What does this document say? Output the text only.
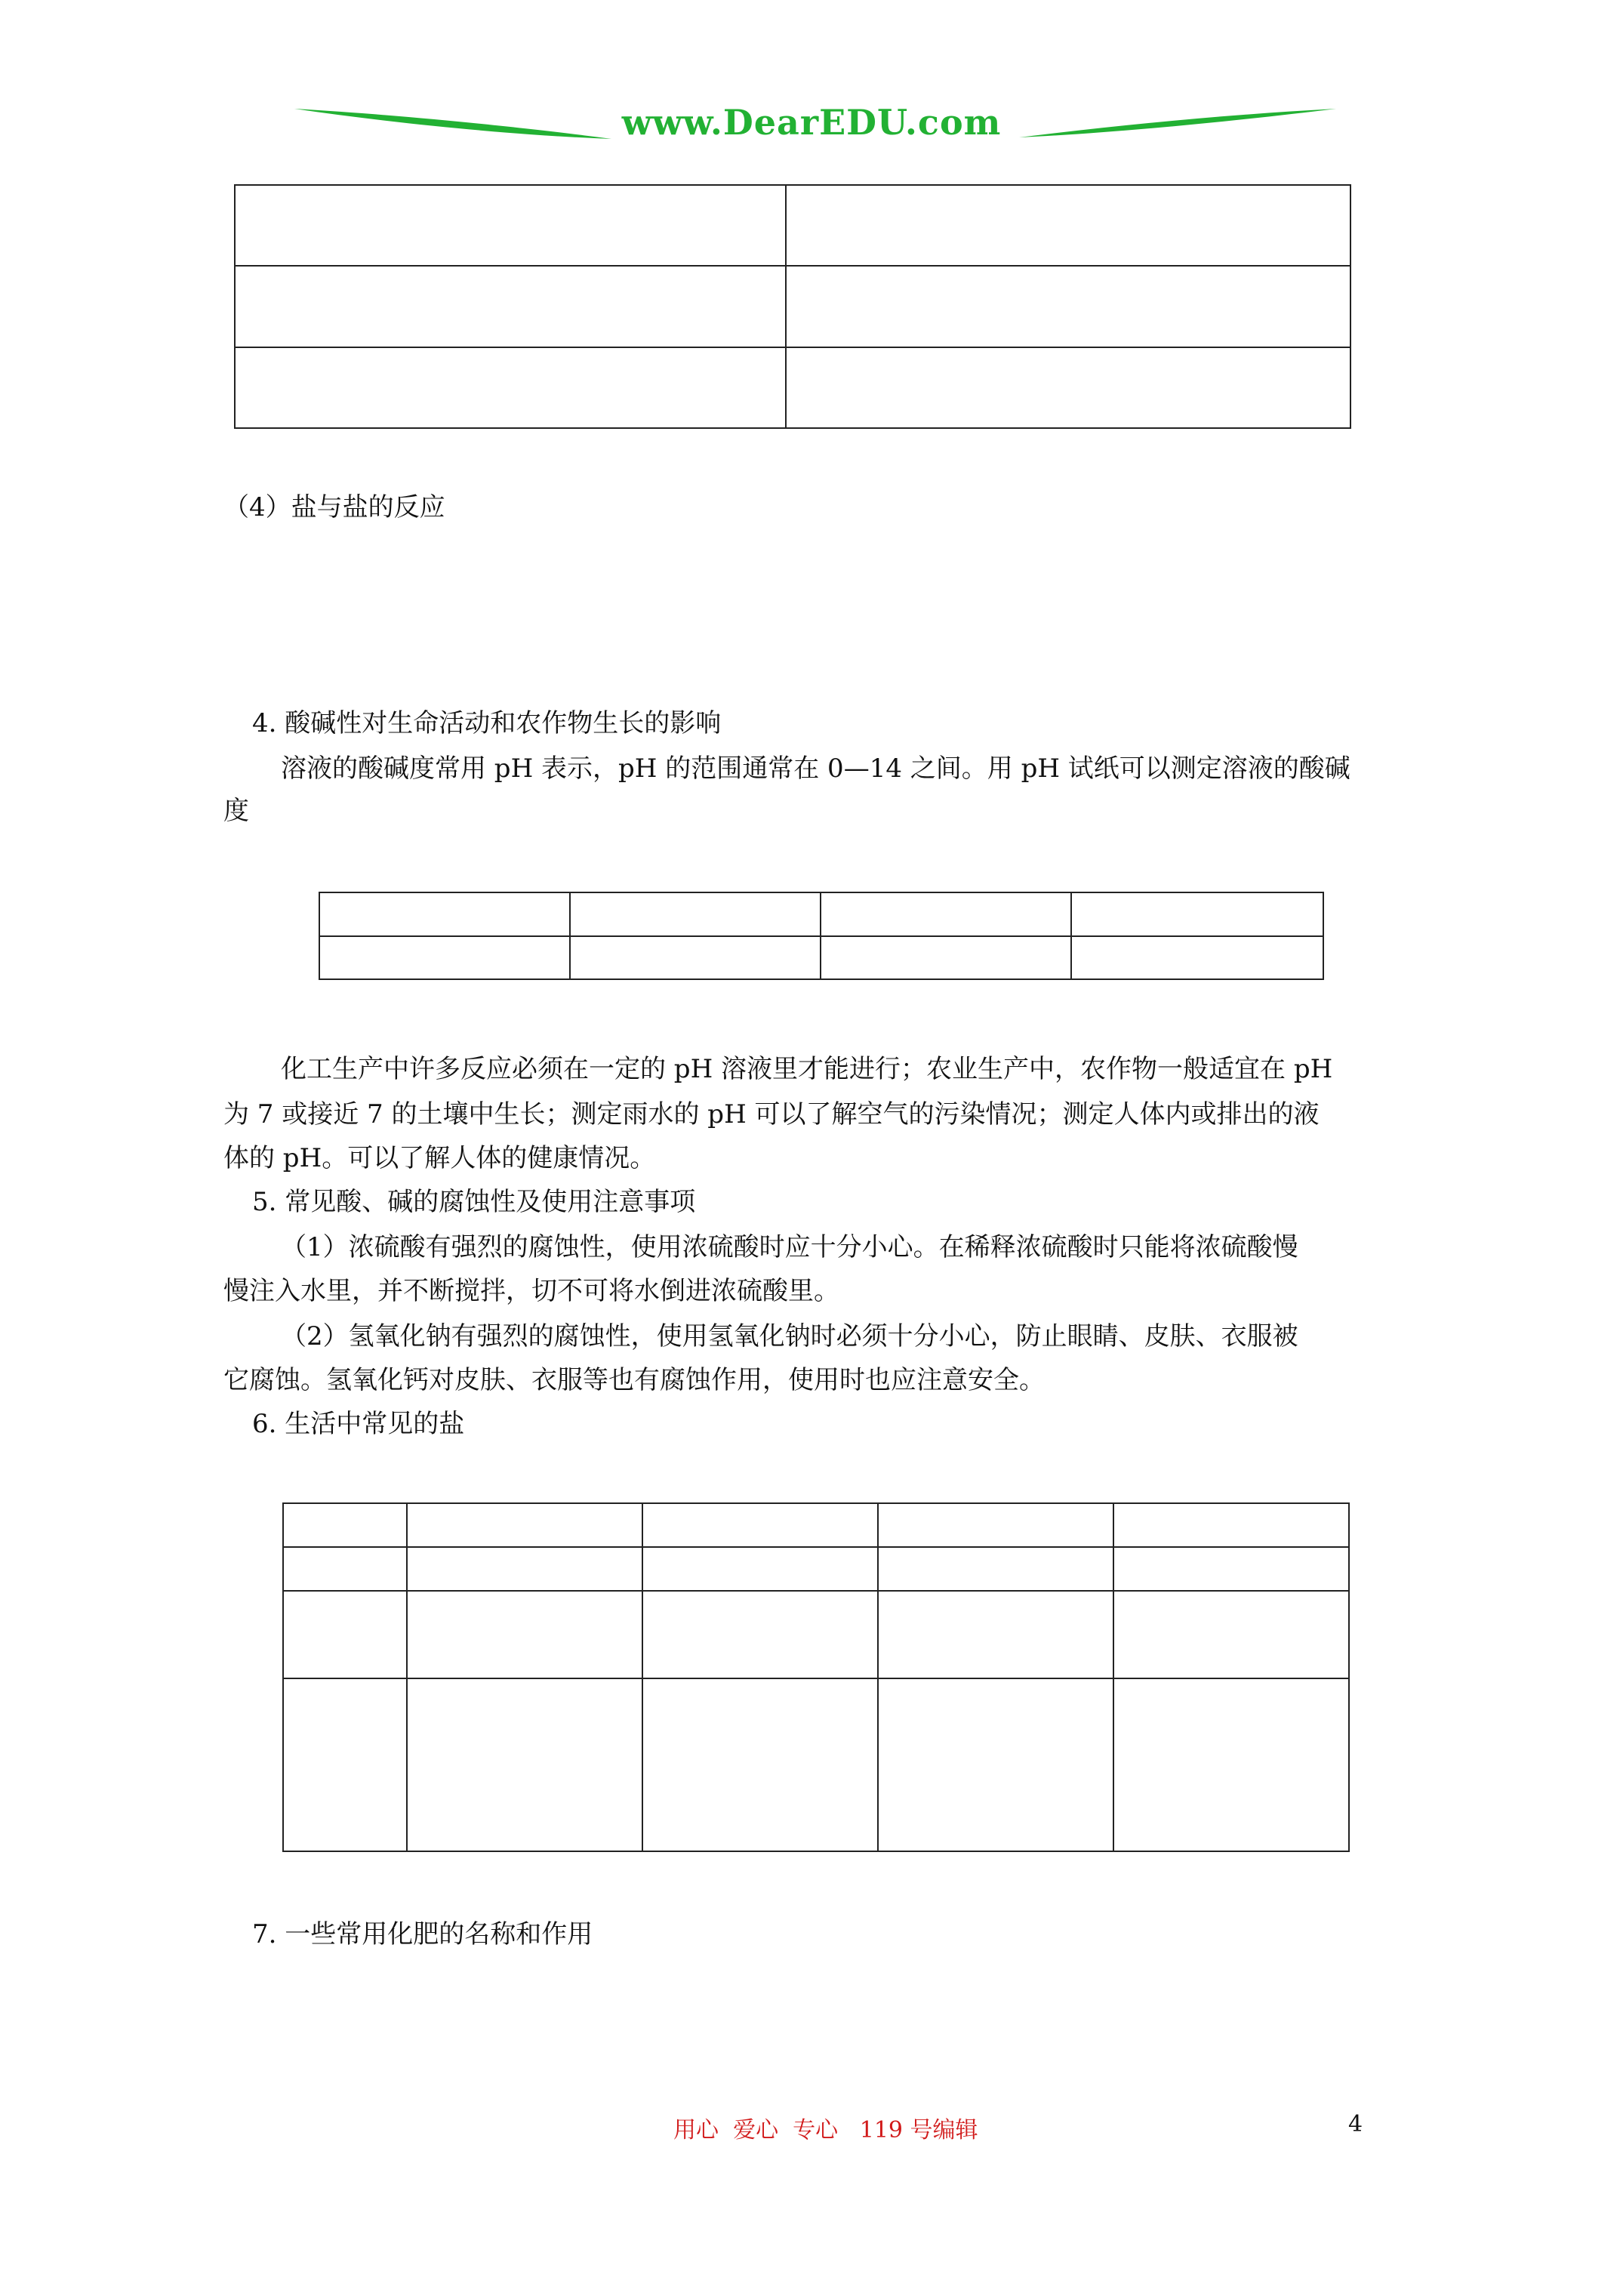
www.DearEDU.com

（4）盐与盐的反应
4. 酸碱性对生命活动和农作物生长的影响
溶液的酸碱度常用 pH 表示，pH 的范围通常在 0—14 之间。用 pH 试纸可以测定溶液的酸碱
度

化工生产中许多反应必须在一定的 pH 溶液里才能进行；农业生产中，农作物一般适宜在 pH
为 7 或接近 7 的土壤中生长；测定雨水的 pH 可以了解空气的污染情况；测定人体内或排出的液
体的 pH。可以了解人体的健康情况。
5. 常见酸、碱的腐蚀性及使用注意事项
（1）浓硫酸有强烈的腐蚀性，使用浓硫酸时应十分小心。在稀释浓硫酸时只能将浓硫酸慢
慢注入水里，并不断搅拌，切不可将水倒进浓硫酸里。
（2）氢氧化钠有强烈的腐蚀性，使用氢氧化钠时必须十分小心，防止眼睛、皮肤、衣服被
它腐蚀。氢氧化钙对皮肤、衣服等也有腐蚀作用，使用时也应注意安全。
6. 生活中常见的盐

7. 一些常用化肥的名称和作用
用心  爱心  专心   119 号编辑	4
